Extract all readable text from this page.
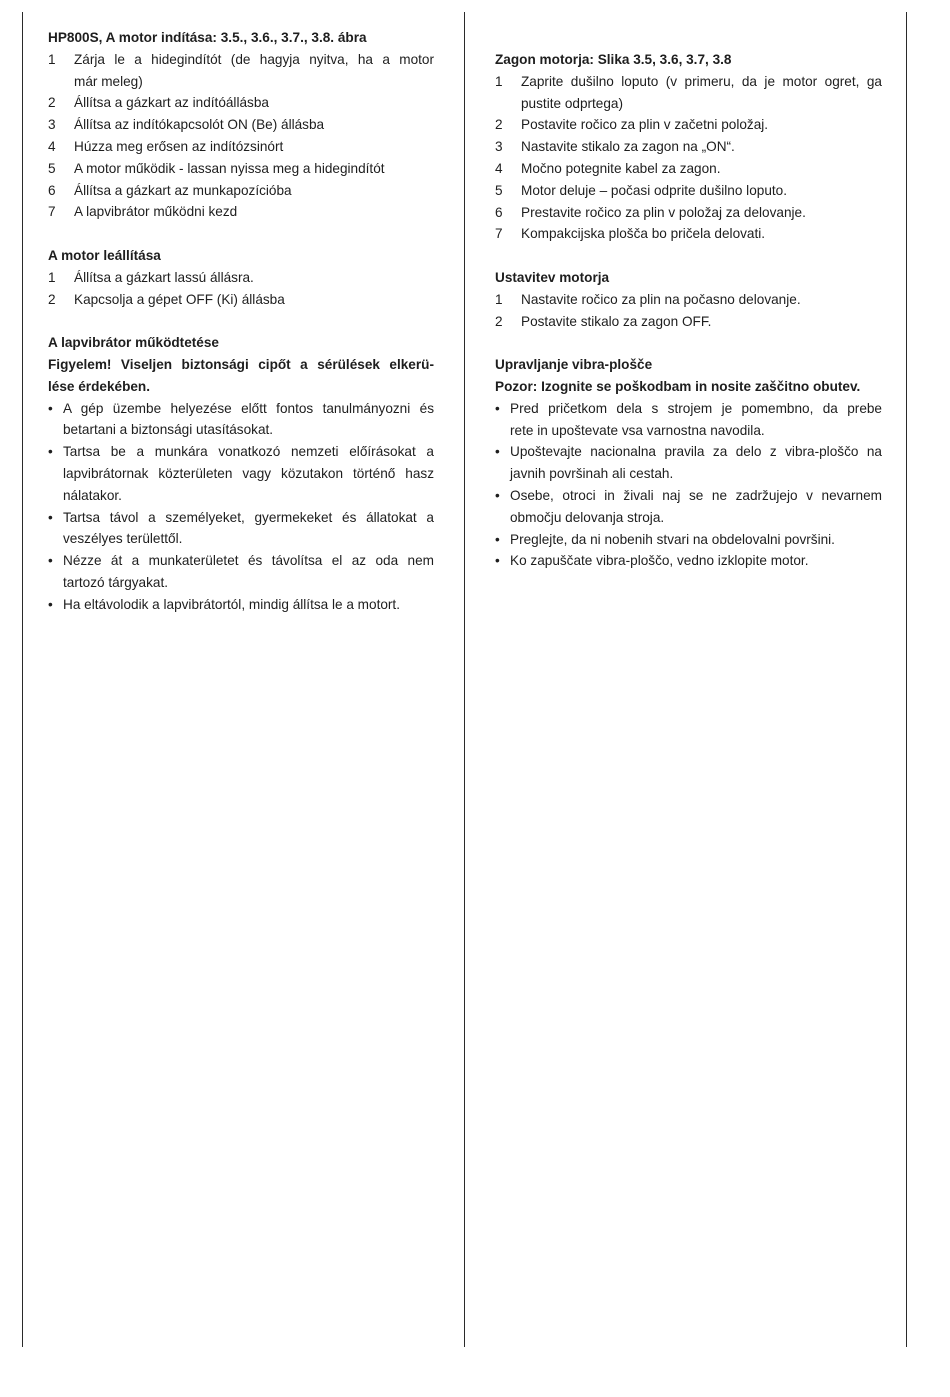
HP800S, A motor indítása: 3.5., 3.6., 3.7., 3.8. ábra
1	Zárja le a hidegindítót (de hagyja nyitva, ha a motor
már meleg)
2	Állítsa a gázkart az indítóállásba
3	Állítsa az indítókapcsolót ON (Be) állásba
4	Húzza meg erősen az indítózsinórt
5	A motor működik - lassan nyissa meg a hidegindítót
6	Állítsa a gázkart az munkapozícióba
7	A lapvibrátor működni kezd
A motor leállítása
1	Állítsa a gázkart lassú állásra.
2	Kapcsolja a gépet OFF (Ki) állásba
A lapvibrátor működtetése
Figyelem! Viseljen biztonsági cipőt a sérülések elkerü-
lése érdekében.
• A gép üzembe helyezése előtt fontos tanulmányozni és
betartani a biztonsági utasításokat.
• Tartsa be a munkára vonatkozó nemzeti előírásokat a
lapvibrátornak közterületen vagy közutakon történő hasz
nálatakor.
• Tartsa távol a személyeket, gyermekeket és állatokat a
veszélyes területtől.
• Nézze át a munkaterületet és távolítsa el az oda nem
tartozó tárgyakat.
• Ha eltávolodik a lapvibrátortól, mindig állítsa le a motort.
Zagon motorja: Slika 3.5, 3.6, 3.7, 3.8
1	Zaprite dušilno loputo (v primeru, da je motor ogret, ga
pustite odprtega)
2	Postavite ročico za plin v začetni položaj.
3	Nastavite stikalo za zagon na „ON“.
4	Močno potegnite kabel za zagon.
5	Motor deluje – počasi odprite dušilno loputo.
6	Prestavite ročico za plin v položaj za delovanje.
7	Kompakcijska plošča bo pričela delovati.
Ustavitev motorja
1	Nastavite ročico za plin na počasno delovanje.
2	Postavite stikalo za zagon OFF.
Upravljanje vibra-plošče
Pozor: Izognite se poškodbam in nosite zaščitno obutev.
• Pred pričetkom dela s strojem je pomembno, da prebe
rete in upoštevate vsa varnostna navodila.
• Upoštevajte nacionalna pravila za delo z vibra-ploščo na
javnih površinah ali cestah.
• Osebe, otroci in živali naj se ne zadržujejo v nevarnem
območju delovanja stroja.
• Preglejte, da ni nobenih stvari na obdelovalni površini.
• Ko zapuščate vibra-ploščo, vedno izklopite motor.
